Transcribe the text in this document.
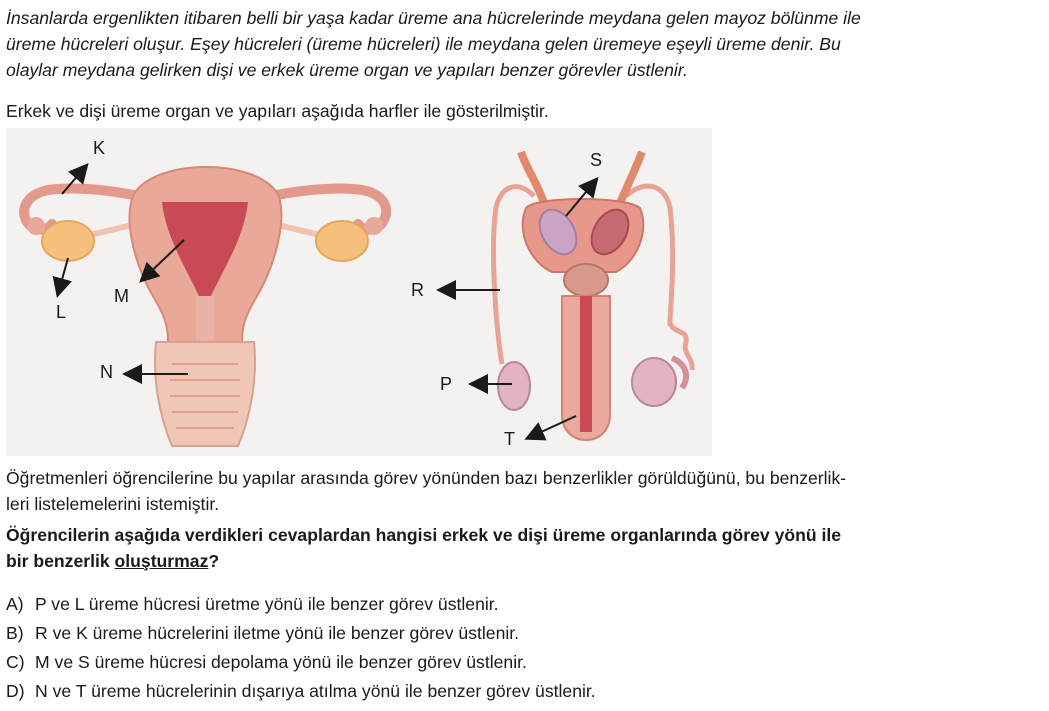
İnsanlarda ergenlikten itibaren belli bir yaşa kadar üreme ana hücrelerinde meydana gelen mayoz bölünme ile
üreme hücreleri oluşur. Eşey hücreleri (üreme hücreleri) ile meydana gelen üremeye eşeyli üreme denir. Bu
olaylar meydana gelirken dişi ve erkek üreme organ ve yapıları benzer görevler üstlenir.
Erkek ve dişi üreme organ ve yapıları aşağıda harfler ile gösterilmiştir.
K
L
M
N
S
R
P
T
Öğretmenleri öğrencilerine bu yapılar arasında görev yönünden bazı benzerlikler görüldüğünü, bu benzerlik-
leri listelemelerini istemiştir.
Öğrencilerin aşağıda verdikleri cevaplardan hangisi erkek ve dişi üreme organlarında görev yönü ile
bir benzerlik oluşturmaz?
A) P ve L üreme hücresi üretme yönü ile benzer görev üstlenir.
B) R ve K üreme hücrelerini iletme yönü ile benzer görev üstlenir.
C) M ve S üreme hücresi depolama yönü ile benzer görev üstlenir.
D) N ve T üreme hücrelerinin dışarıya atılma yönü ile benzer görev üstlenir.
